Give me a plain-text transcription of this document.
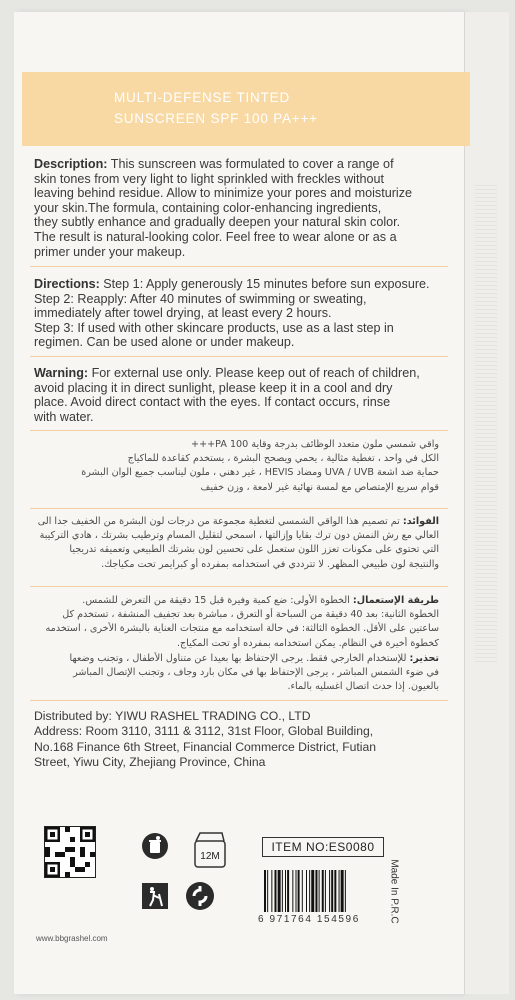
MULTI-DEFENSE TINTED
SUNSCREEN SPF 100 PA+++
Description: This sunscreen was formulated to cover a range of
skin tones from very light to light sprinkled with freckles without
leaving behind residue. Allow to minimize your pores and moisturize
your skin.The formula, containing color-enhancing ingredients,
they subtly enhance and gradually deepen your natural skin color.
The result is natural-looking color. Feel free to wear alone or as a
primer under your makeup.
Directions: Step 1: Apply generously 15 minutes before sun exposure.
Step 2: Reapply: After 40 minutes of swimming or sweating,
immediately after towel drying, at least every 2 hours.
Step 3: If used with other skincare products, use as a last step in
regimen. Can be used alone or under makeup.
Warning: For external use only. Please keep out of reach of children,
avoid placing it in direct sunlight, please keep it in a cool and dry
place. Avoid direct contact with the eyes. If contact occurs, rinse
with water.
واقي شمسي ملون متعدد الوظائف بدرجة وقاية PA 100+++
الكل في واحد ، تغطية مثالية ، يحمي ويصحح البشرة ، يستخدم كقاعدة للماكياج
حماية ضد اشعة UVA / UVB ومضاد HEVIS ، غير دهني ، ملون ليناسب جميع الوان البشرة
قوام سريع الإمتصاص مع لمسة نهائية غير لامعة ، وزن خفيف
الفوائد: تم تصميم هذا الواقي الشمسي لتغطية مجموعة من درجات لون البشرة من الخفيف جدا الى
العالي مع رش النمش دون ترك بقايا وإزالتها ، اسمحي لتقليل المسام وترطيب بشرتك ، هادي التركيبة
التي تحتوي على مكونات تعزز اللون ستعمل على تحسين لون بشرتك الطبيعي وتعميقه تدريجيا
والنتيجة لون طبيعي المظهر. لا تترددي في استخدامه بمفرده أو كبرايمر تحت مكياجك.
طريقة الإستعمال: الخطوة الأولى: ضع كمية وفيرة قبل 15 دقيقة من التعرض للشمس.
الخطوة الثانية: بعد 40 دقيقة من السباحة أو التعرق ، مباشرة بعد تجفيف المنشفة ، تستخدم كل
ساعتين على الأقل. الخطوة الثالثة: في حالة استخدامه مع منتجات العناية بالبشرة الأخرى ، استخدمه
كخطوة أخيرة في النظام. يمكن استخدامه بمفرده أو تحت المكياج.
تحذير: للإستخدام الخارجي فقط. يرجى الإحتفاظ بها بعيدا عن متناول الأطفال ، وتجنب وضعها
في ضوء الشمس المباشر ، يرجى الإحتفاظ بها في مكان بارد وجاف ، وتجنب الإتصال المباشر
بالعيون. إذا حدث اتصال اغسليه بالماء.
Distributed by: YIWU RASHEL TRADING CO., LTD
Address: Room 3110, 3111 & 3112, 31st Floor, Global Building,
No.168 Finance 6th Street, Financial Commerce District, Futian
Street, Yiwu City, Zhejiang Province, China
www.bbgrashel.com
12M
ITEM NO:ES0080
6 971764 154596	Made In P.R.C
